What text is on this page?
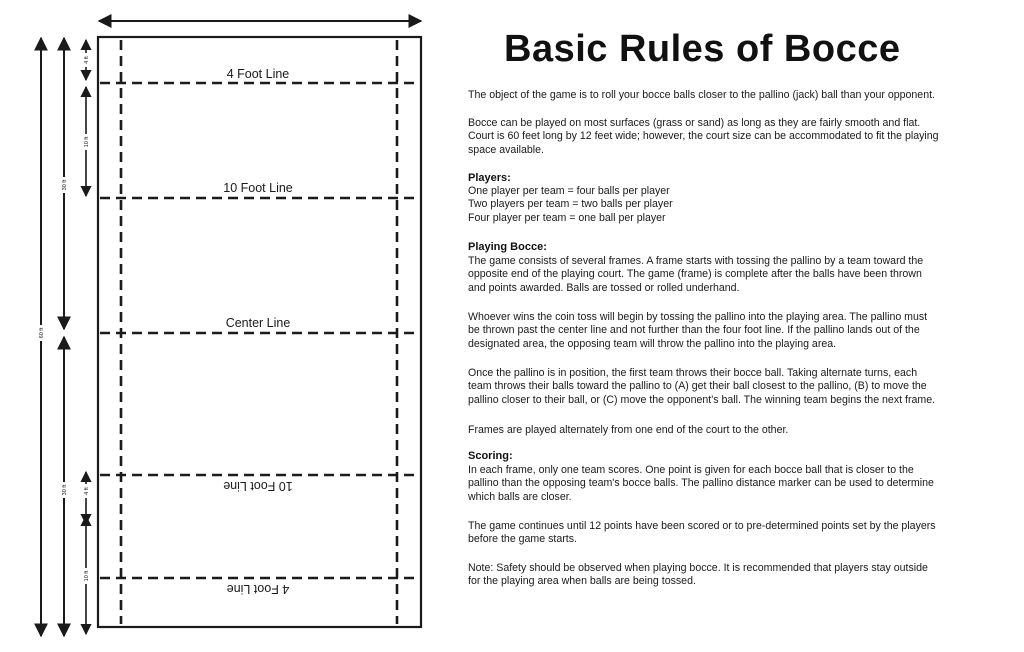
4 Foot Line
10 Foot Line
Center Line
10 Foot Line
4 Foot Line
60 ft
30 ft
30 ft
4 ft
10 ft
4 ft
10 ft
Basic Rules of Bocce

The object of the game is to roll your bocce balls closer to the pallino (jack) ball than your opponent.

Bocce can be played on most surfaces (grass or sand) as long as they are fairly smooth and flat.
Court is 60 feet long by 12 feet wide; however, the court size can be accommodated to fit the playing
space available.

Players:

One player per team = four balls per player
Two players per team = two balls per player
Four player per team = one ball per player

Playing Bocce:

The game consists of several frames. A frame starts with tossing the pallino by a team toward the
opposite end of the playing court. The game (frame) is complete after the balls have been thrown
and points awarded. Balls are tossed or rolled underhand.

Whoever wins the coin toss will begin by tossing the pallino into the playing area. The pallino must
be thrown past the center line and not further than the four foot line. If the pallino lands out of the
designated area, the opposing team will throw the pallino into the playing area.

Once the pallino is in position, the first team throws their bocce ball. Taking alternate turns, each
team throws their balls toward the pallino to (A) get their ball closest to the pallino, (B) to move the
pallino closer to their ball, or (C) move the opponent's ball. The winning team begins the next frame.

Frames are played alternately from one end of the court to the other.

Scoring:

In each frame, only one team scores. One point is given for each bocce ball that is closer to the
pallino than the opposing team's bocce balls. The pallino distance marker can be used to determine
which balls are closer.

The game continues until 12 points have been scored or to pre-determined points set by the players
before the game starts.

Note: Safety should be observed when playing bocce. It is recommended that players stay outside
for the playing area when balls are being tossed.
